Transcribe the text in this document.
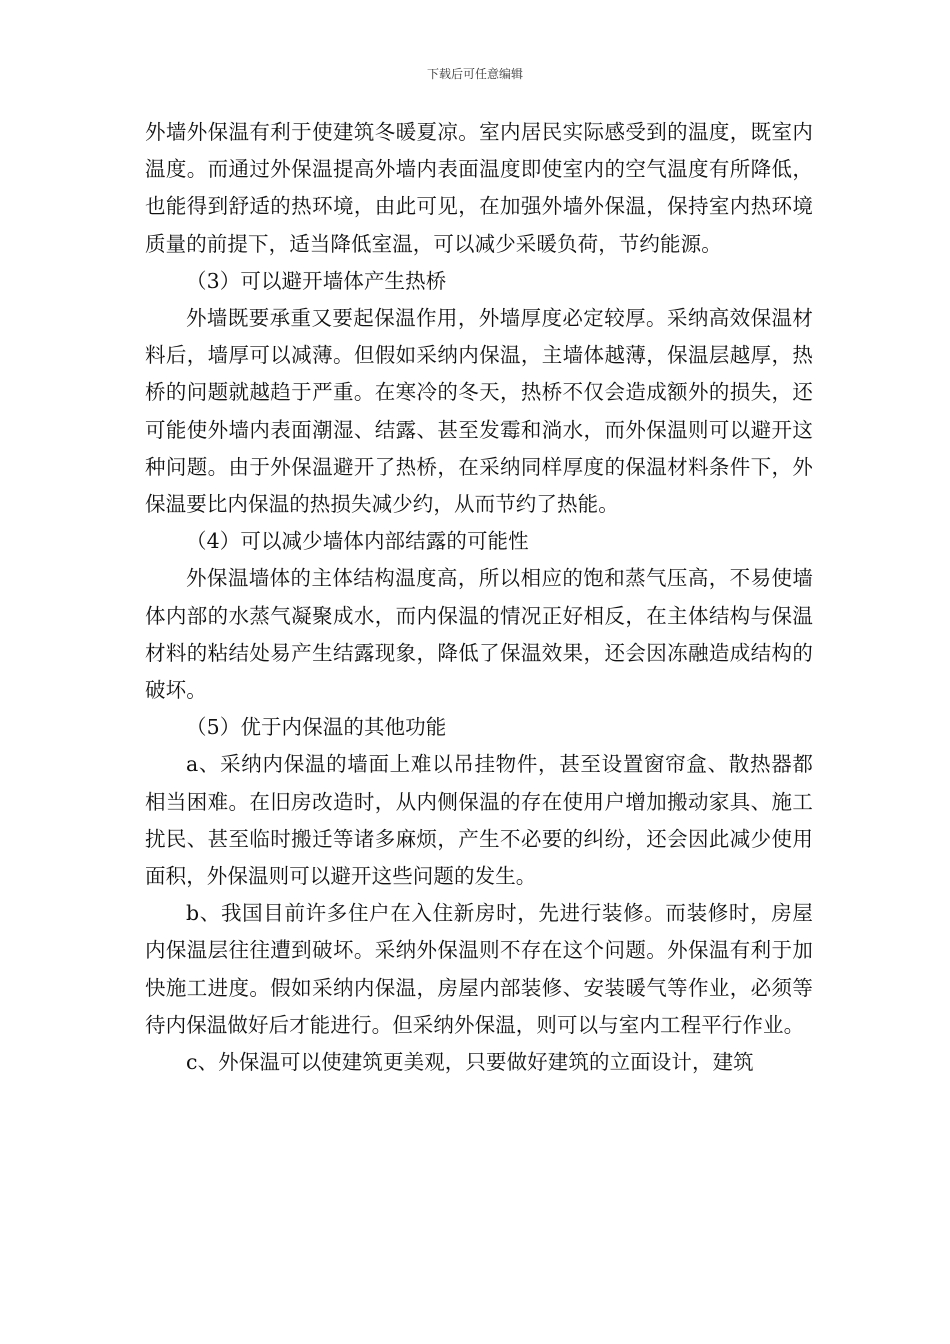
下载后可任意编辑

外墙外保温有利于使建筑冬暖夏凉。室内居民实际感受到的温度，既室内温度。而通过外保温提高外墙内表面温度即使室内的空气温度有所降低，也能得到舒适的热环境，由此可见，在加强外墙外保温，保持室内热环境质量的前提下，适当降低室温，可以减少采暖负荷，节约能源。

（3）可以避开墙体产生热桥

外墙既要承重又要起保温作用，外墙厚度必定较厚。采纳高效保温材料后，墙厚可以减薄。但假如采纳内保温，主墙体越薄，保温层越厚，热桥的问题就越趋于严重。在寒冷的冬天，热桥不仅会造成额外的损失，还可能使外墙内表面潮湿、结露、甚至发霉和淌水，而外保温则可以避开这种问题。由于外保温避开了热桥，在采纳同样厚度的保温材料条件下，外保温要比内保温的热损失减少约，从而节约了热能。

（4）可以减少墙体内部结露的可能性

外保温墙体的主体结构温度高，所以相应的饱和蒸气压高，不易使墙体内部的水蒸气凝聚成水，而内保温的情况正好相反，在主体结构与保温材料的粘结处易产生结露现象，降低了保温效果，还会因冻融造成结构的破坏。

（5）优于内保温的其他功能

a、采纳内保温的墙面上难以吊挂物件，甚至设置窗帘盒、散热器都相当困难。在旧房改造时，从内侧保温的存在使用户增加搬动家具、施工扰民、甚至临时搬迁等诸多麻烦，产生不必要的纠纷，还会因此减少使用面积，外保温则可以避开这些问题的发生。

b、我国目前许多住户在入住新房时，先进行装修。而装修时，房屋内保温层往往遭到破坏。采纳外保温则不存在这个问题。外保温有利于加快施工进度。假如采纳内保温，房屋内部装修、安装暖气等作业，必须等待内保温做好后才能进行。但采纳外保温，则可以与室内工程平行作业。

c、外保温可以使建筑更美观，只要做好建筑的立面设计，建筑
